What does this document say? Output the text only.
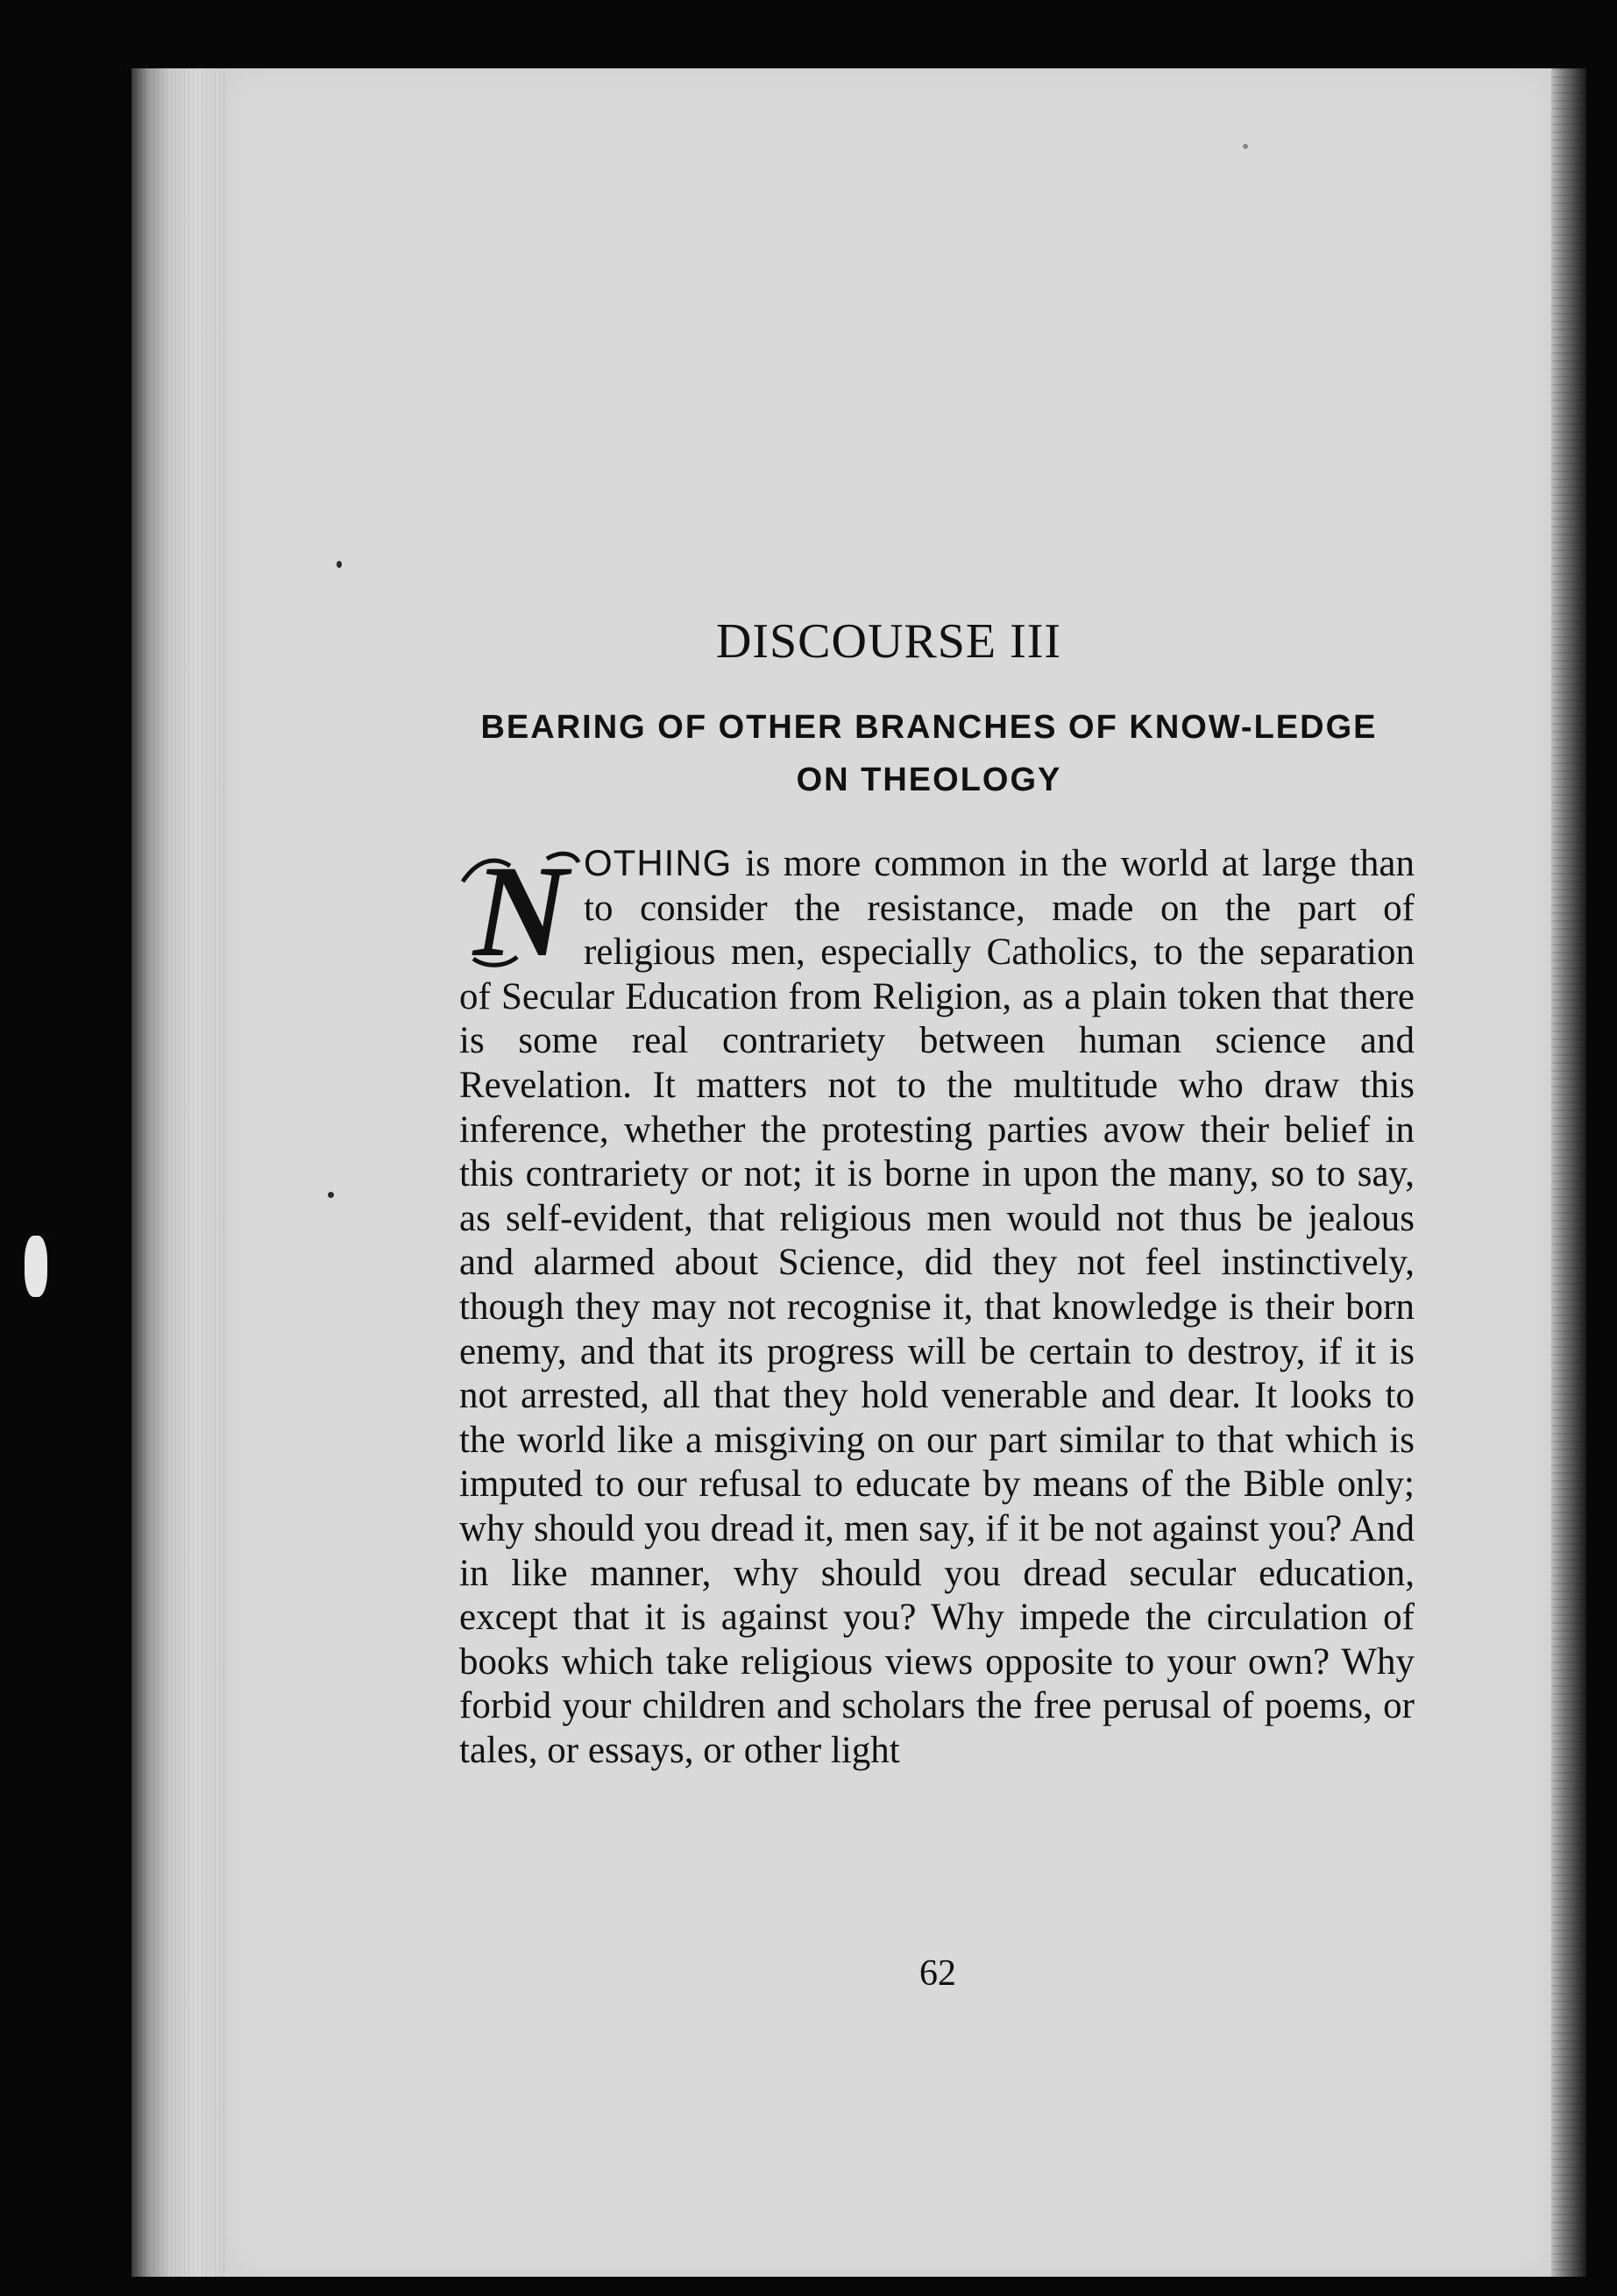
DISCOURSE III
BEARING OF OTHER BRANCHES OF KNOW-LEDGE ON THEOLOGY
N OTHING is more common in the world at large than to consider the resistance, made on the part of religious men, especially Catholics, to the separation of Secular Education from Religion, as a plain token that there is some real contrariety between human science and Revelation. It matters not to the multitude who draw this inference, whether the protesting parties avow their belief in this contrariety or not; it is borne in upon the many, so to say, as self-evident, that religious men would not thus be jealous and alarmed about Science, did they not feel instinctively, though they may not recognise it, that knowledge is their born enemy, and that its progress will be certain to destroy, if it is not arrested, all that they hold venerable and dear. It looks to the world like a misgiving on our part similar to that which is imputed to our refusal to educate by means of the Bible only; why should you dread it, men say, if it be not against you? And in like manner, why should you dread secular education, except that it is against you? Why impede the circulation of books which take religious views opposite to your own? Why forbid your children and scholars the free perusal of poems, or tales, or essays, or other light

62
